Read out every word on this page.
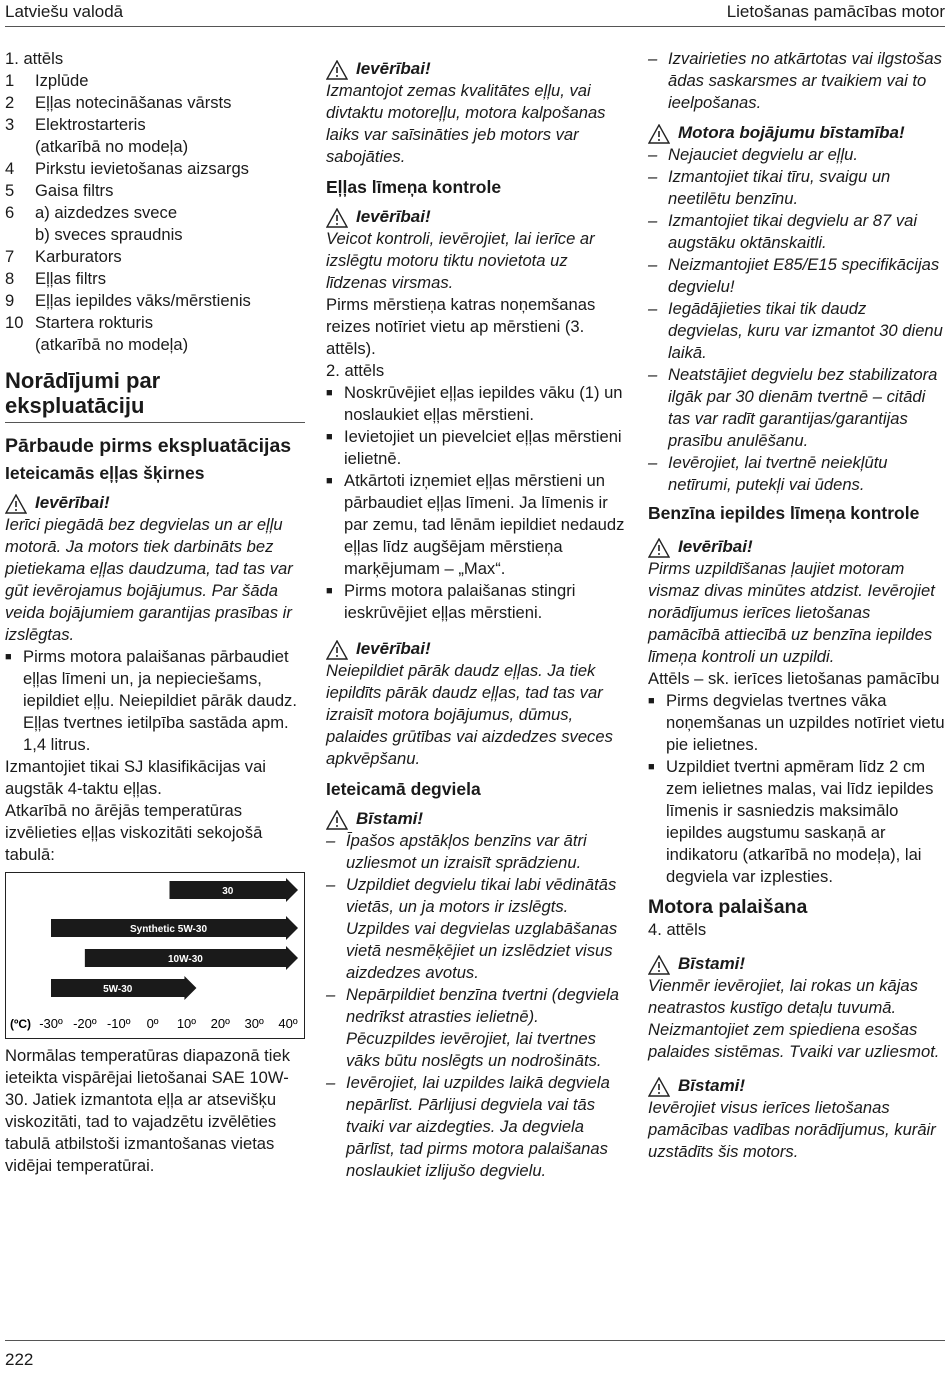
Latviešu valodā	Lietošanas pamācības motor

1. attēls

1	Izplūde
2	Eļļas notecināšanas vārsts
3	Elektrostarteris
(atkarībā no modeļa)
4	Pirkstu ievietošanas aizsargs
5	Gaisa filtrs
6	a) aizdedzes svece
b) sveces spraudnis
7	Karburators
8	Eļļas filtrs
9	Eļļas iepildes vāks/mērstienis
10 Startera rokturis
(atkarībā no modeļa)
Norādījumi par ekspluatāciju
Pārbaude pirms ekspluatācijas
Ieteicamās eļļas šķirnes
Ievērībai!

Ierīci piegādā bez degvielas un ar eļļu motorā. Ja motors tiek darbināts bez pietiekama eļļas daudzuma, tad tas var gūt ievērojamus bojājumus. Par šāda veida bojājumiem garantijas prasības ir izslēgtas.

■ Pirms motora palaišanas pārbaudiet eļļas līmeni un, ja nepieciešams, iepildiet eļļu. Neiepildiet pārāk daudz. Eļļas tvertnes ietilpība sastāda apm. 1,4 litrus.

Izmantojiet tikai SJ klasifikācijas vai augstāk 4-taktu eļļas.

Atkarībā no ārējās temperatūras izvēlieties eļļas viskozitāti sekojošā tabulā:

30
Synthetic 5W-30
10W-30
5W-30
(ºC) -30º -20º -10º 0º 10º 20º 30º 40º

Normālas temperatūras diapazonā tiek ieteikta vispārējai lietošanai SAE 10W-30. Jatiek izmantota eļļa ar atsevišķu viskozitāti, tad to vajadzētu izvēlēties tabulā atbilstoši izmantošanas vietas vidējai temperatūrai.

Ievērībai!

Izmantojot zemas kvalitātes eļļu, vai divtaktu motoreļļu, motora kalpošanas laiks var saīsināties jeb motors var sabojāties.

Eļļas līmeņa kontrole
Ievērībai!

Veicot kontroli, ievērojiet, lai ierīce ar izslēgtu motoru tiktu novietota uz līdzenas virsmas.

Pirms mērstieņa katras noņemšanas reizes notīriet vietu ap mērstieni (3. attēls).

2. attēls

■ Noskrūvējiet eļļas iepildes vāku (1) un noslaukiet eļļas mērstieni.
■ Ievietojiet un pievelciet eļļas mērstieni ielietnē.
■ Atkārtoti izņemiet eļļas mērstieni un pārbaudiet eļļas līmeni. Ja līmenis ir par zemu, tad lēnām iepildiet nedaudz eļļas līdz augšējam mērstieņa marķējumam – „Max“.
■ Pirms motora palaišanas stingri ieskrūvējiet eļļas mērstieni.
Ievērībai!

Neiepildiet pārāk daudz eļļas. Ja tiek iepildīts pārāk daudz eļļas, tad tas var izraisīt motora bojājumus, dūmus, palaides grūtības vai aizdedzes sveces apkvēpšanu.

Ieteicamā degviela
Bīstami!
– Īpašos apstākļos benzīns var ātri uzliesmot un izraisīt sprādzienu.
– Uzpildiet degvielu tikai labi vēdinātās vietās, un ja motors ir izslēgts. Uzpildes vai degvielas uzglabāšanas vietā nesmēķējiet un izslēdziet visus aizdedzes avotus.
– Nepārpildiet benzīna tvertni (degviela nedrīkst atrasties ielietnē). Pēcuzpildes ievērojiet, lai tvertnes vāks būtu noslēgts un nodrošināts.
– Ievērojiet, lai uzpildes laikā degviela nepārlīst. Pārlijusi degviela vai tās tvaiki var aizdegties. Ja degviela pārlīst, tad pirms motora palaišanas noslaukiet izlijušo degvielu.
– Izvairieties no atkārtotas vai ilgstošas ādas saskarsmes ar tvaikiem vai to ieelpošanas.
Motora bojājumu bīstamība!
– Nejauciet degvielu ar eļļu.
– Izmantojiet tikai tīru, svaigu un neetilētu benzīnu.
– Izmantojiet tikai degvielu ar 87 vai augstāku oktānskaitli.
– Neizmantojiet E85/E15 specifikācijas degvielu!
– Iegādājieties tikai tik daudz degvielas, kuru var izmantot 30 dienu laikā.
– Neatstājiet degvielu bez stabilizatora ilgāk par 30 dienām tvertnē – citādi tas var radīt garantijas/garantijas prasību anulēšanu.
– Ievērojiet, lai tvertnē neiekļūtu netīrumi, putekļi vai ūdens.
Benzīna iepildes līmeņa kontrole
Ievērībai!

Pirms uzpildīšanas ļaujiet motoram vismaz divas minūtes atdzist. Ievērojiet norādījumus ierīces lietošanas pamācībā attiecībā uz benzīna iepildes līmeņa kontroli un uzpildi.

Attēls – sk. ierīces lietošanas pamācību

■ Pirms degvielas tvertnes vāka noņemšanas un uzpildes notīriet vietu pie ielietnes.
■ Uzpildiet tvertni apmēram līdz 2 cm zem ielietnes malas, vai līdz iepildes līmenis ir sasniedzis maksimālo iepildes augstumu saskaņā ar indikatoru (atkarībā no modeļa), lai degviela var izplesties.
Motora palaišana

4. attēls

Bīstami!

Vienmēr ievērojiet, lai rokas un kājas neatrastos kustīgo detaļu tuvumā. Neizmantojiet zem spiediena esošas palaides sistēmas. Tvaiki var uzliesmot.

Bīstami!

Ievērojiet visus ierīces lietošanas pamācības vadības norādījumus, kurāir uzstādīts šis motors.

222
